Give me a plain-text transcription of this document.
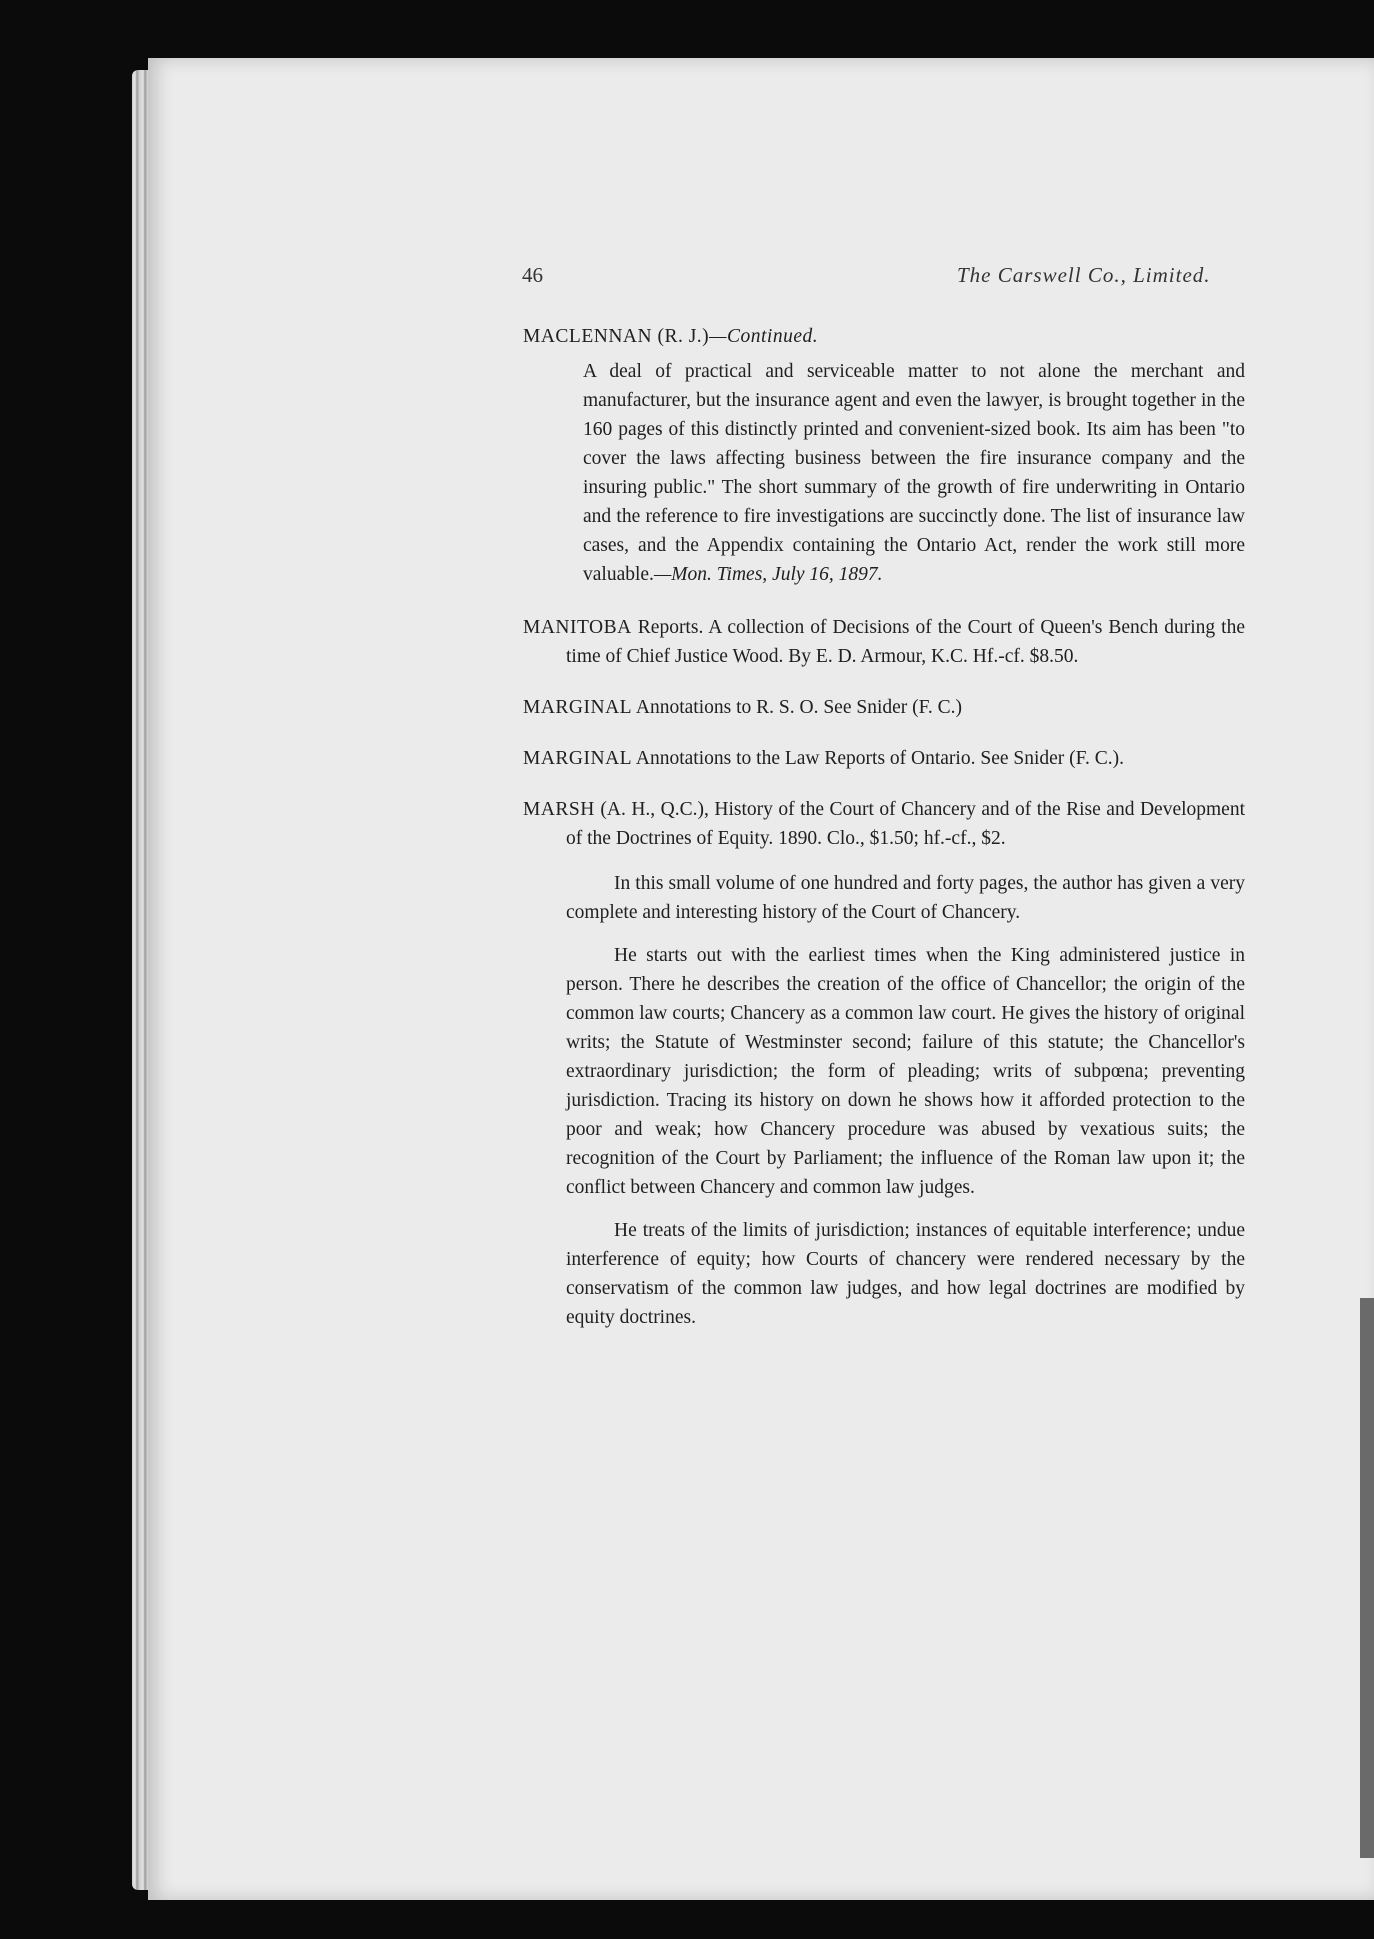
46	The Carswell Co., Limited.

MACLENNAN (R. J.)—Continued.

A deal of practical and serviceable matter to not alone the merchant and manufacturer, but the insurance agent and even the lawyer, is brought together in the 160 pages of this distinctly printed and convenient-sized book. Its aim has been "to cover the laws affecting business between the fire insurance company and the insuring public." The short summary of the growth of fire underwriting in Ontario and the reference to fire investigations are succinctly done. The list of insurance law cases, and the Appendix containing the Ontario Act, render the work still more valuable.—Mon. Times, July 16, 1897.

MANITOBA Reports. A collection of Decisions of the Court of Queen's Bench during the time of Chief Justice Wood. By E. D. Armour, K.C. Hf.-cf. $8.50.

MARGINAL Annotations to R. S. O. See Snider (F. C.)

MARGINAL Annotations to the Law Reports of Ontario. See Snider (F. C.).

MARSH (A. H., Q.C.), History of the Court of Chancery and of the Rise and Development of the Doctrines of Equity. 1890. Clo., $1.50; hf.-cf., $2.

In this small volume of one hundred and forty pages, the author has given a very complete and interesting history of the Court of Chancery.

He starts out with the earliest times when the King administered justice in person. There he describes the creation of the office of Chancellor; the origin of the common law courts; Chancery as a common law court. He gives the history of original writs; the Statute of Westminster second; failure of this statute; the Chancellor's extraordinary jurisdiction; the form of pleading; writs of subpœna; preventing jurisdiction. Tracing its history on down he shows how it afforded protection to the poor and weak; how Chancery procedure was abused by vexatious suits; the recognition of the Court by Parliament; the influence of the Roman law upon it; the conflict between Chancery and common law judges.

He treats of the limits of jurisdiction; instances of equitable interference; undue interference of equity; how Courts of chancery were rendered necessary by the conservatism of the common law judges, and how legal doctrines are modified by equity doctrines.
